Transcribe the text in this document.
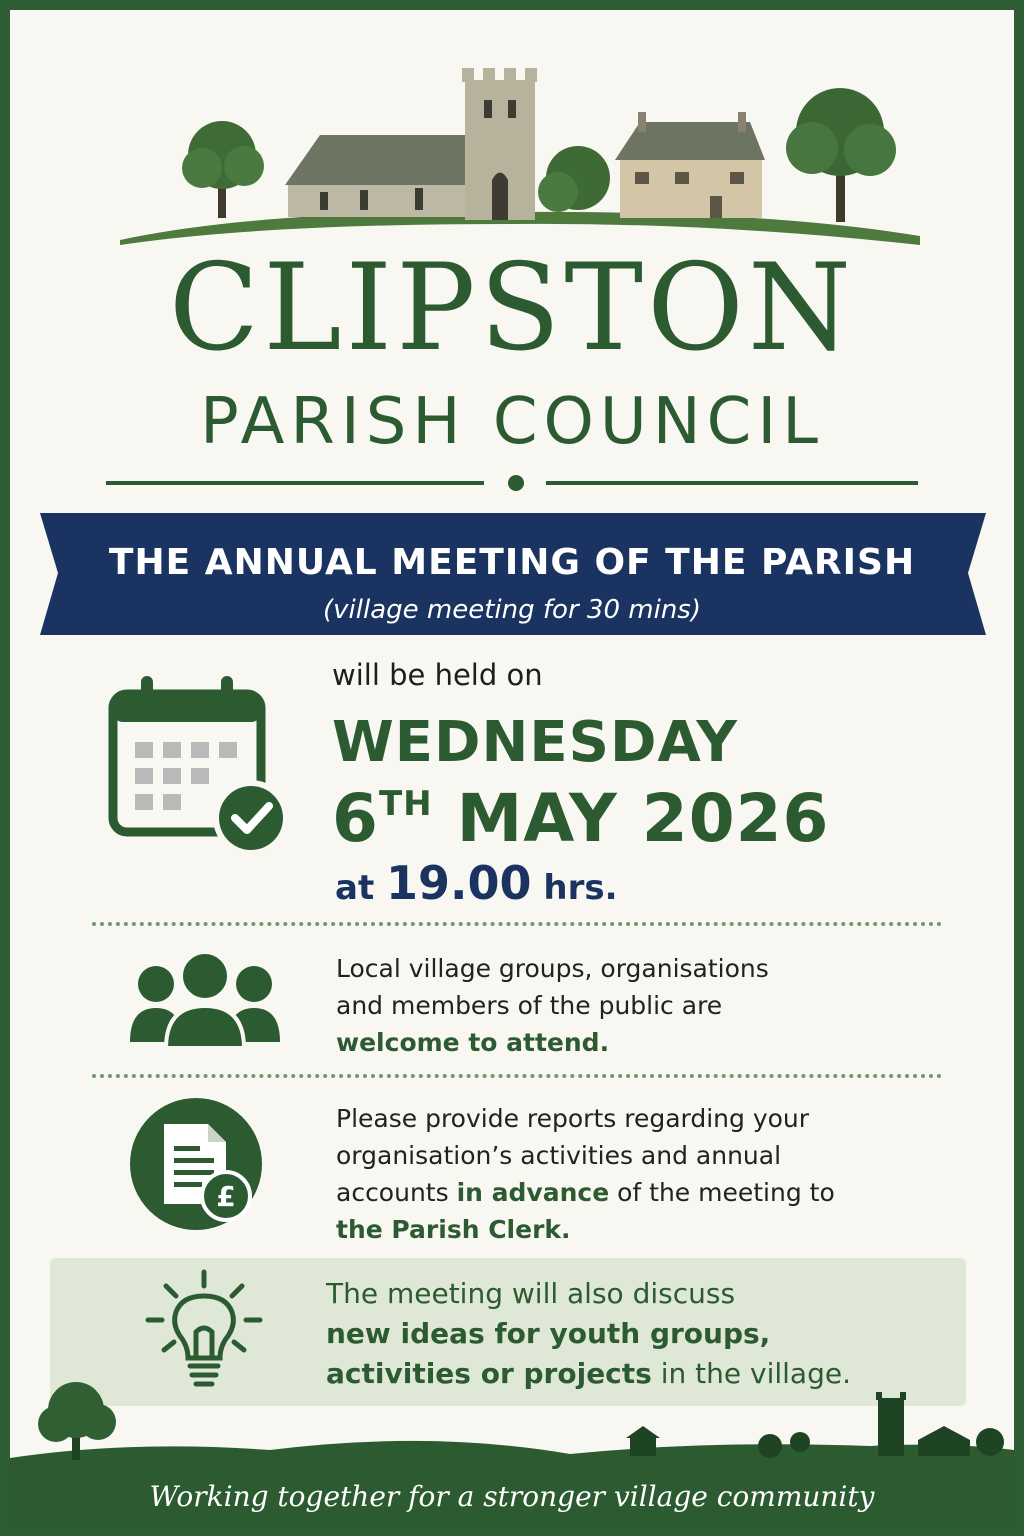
CLIPSTON
PARISH COUNCIL
THE ANNUAL MEETING OF THE PARISH
(village meeting for 30 mins)
will be held on
WEDNESDAY
6TH MAY 2026
at 19.00 hrs.
Local village groups, organisations
and members of the public are
welcome to attend.
£
Please provide reports regarding your
organisation’s activities and annual
accounts in advance of the meeting to
the Parish Clerk.
The meeting will also discuss
new ideas for youth groups,
activities or projects in the village.
Working together for a stronger village community
